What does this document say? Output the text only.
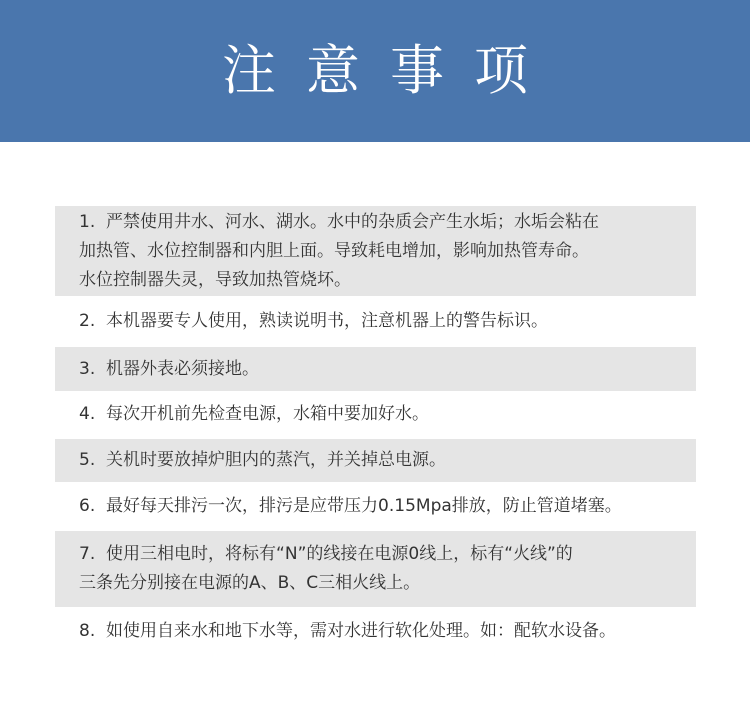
注意事项
1. 严禁使用井水、河水、湖水。水中的杂质会产生水垢；水垢会粘在
加热管、水位控制器和内胆上面。导致耗电增加，影响加热管寿命。
水位控制器失灵，导致加热管烧坏。
2. 本机器要专人使用，熟读说明书，注意机器上的警告标识。
3. 机器外表必须接地。
4. 每次开机前先检查电源，水箱中要加好水。
5. 关机时要放掉炉胆内的蒸汽，并关掉总电源。
6. 最好每天排污一次，排污是应带压力0.15Mpa排放，防止管道堵塞。
7. 使用三相电时，将标有“N”的线接在电源0线上，标有“火线”的
三条先分别接在电源的A、B、C三相火线上。
8. 如使用自来水和地下水等，需对水进行软化处理。如：配软水设备。
